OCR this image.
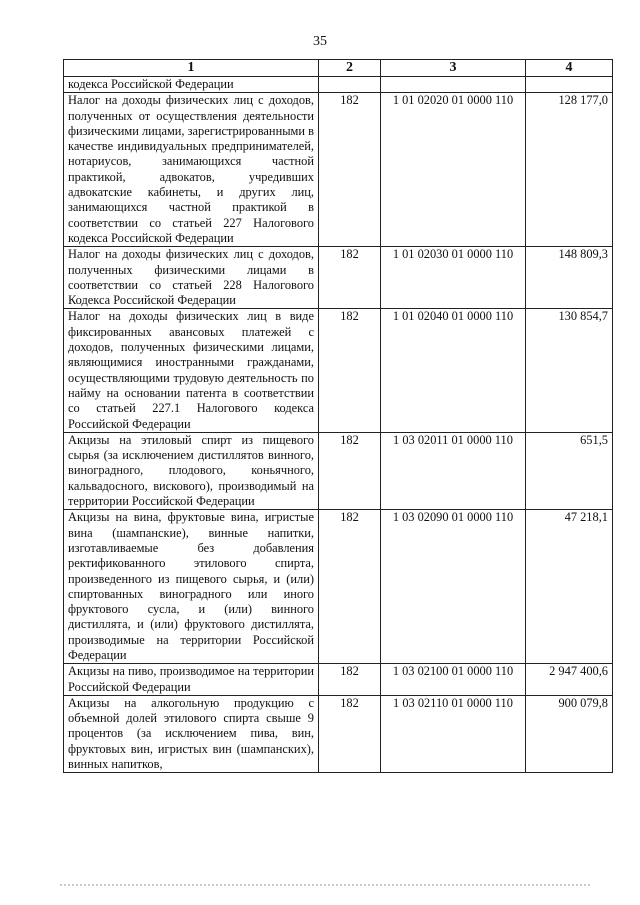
35
1	2	3	4
кодекса Российской Федерации			
Налог на доходы физических лиц с доходов, полученных от осуществления деятельности физическими лицами, зарегистрированными в качестве индивидуальных предпринимателей, нотариусов, занимающихся частной практикой, адвокатов, учредивших адвокатские кабинеты, и других лиц, занимающихся частной практикой в соответствии со статьей 227 Налогового кодекса Российской Федерации	182	1 01 02020 01 0000 110	128 177,0
Налог на доходы физических лиц с доходов, полученных физическими лицами в соответствии со статьей 228 Налогового Кодекса Российской Федерации	182	1 01 02030 01 0000 110	148 809,3
Налог на доходы физических лиц в виде фиксированных авансовых платежей с доходов, полученных физическими лицами, являющимися иностранными гражданами, осуществляющими трудовую деятельность по найму на основании патента в соответствии со статьей 227.1 Налогового кодекса Российской Федерации	182	1 01 02040 01 0000 110	130 854,7
Акцизы на этиловый спирт из пищевого сырья (за исключением дистиллятов винного, виноградного, плодового, коньячного, кальвадосного, вискового), производимый на территории Российской Федерации	182	1 03 02011 01 0000 110	651,5
Акцизы на вина, фруктовые вина, игристые вина (шампанские), винные напитки, изготавливаемые без добавления ректификованного этилового спирта, произведенного из пищевого сырья, и (или) спиртованных виноградного или иного фруктового сусла, и (или) винного дистиллята, и (или) фруктового дистиллята, производимые на территории Российской Федерации	182	1 03 02090 01 0000 110	47 218,1
Акцизы на пиво, производимое на территории Российской Федерации	182	1 03 02100 01 0000 110	2 947 400,6
Акцизы на алкогольную продукцию с объемной долей этилового спирта свыше 9 процентов (за исключением пива, вин, фруктовых вин, игристых вин (шампанских), винных напитков,	182	1 03 02110 01 0000 110	900 079,8
